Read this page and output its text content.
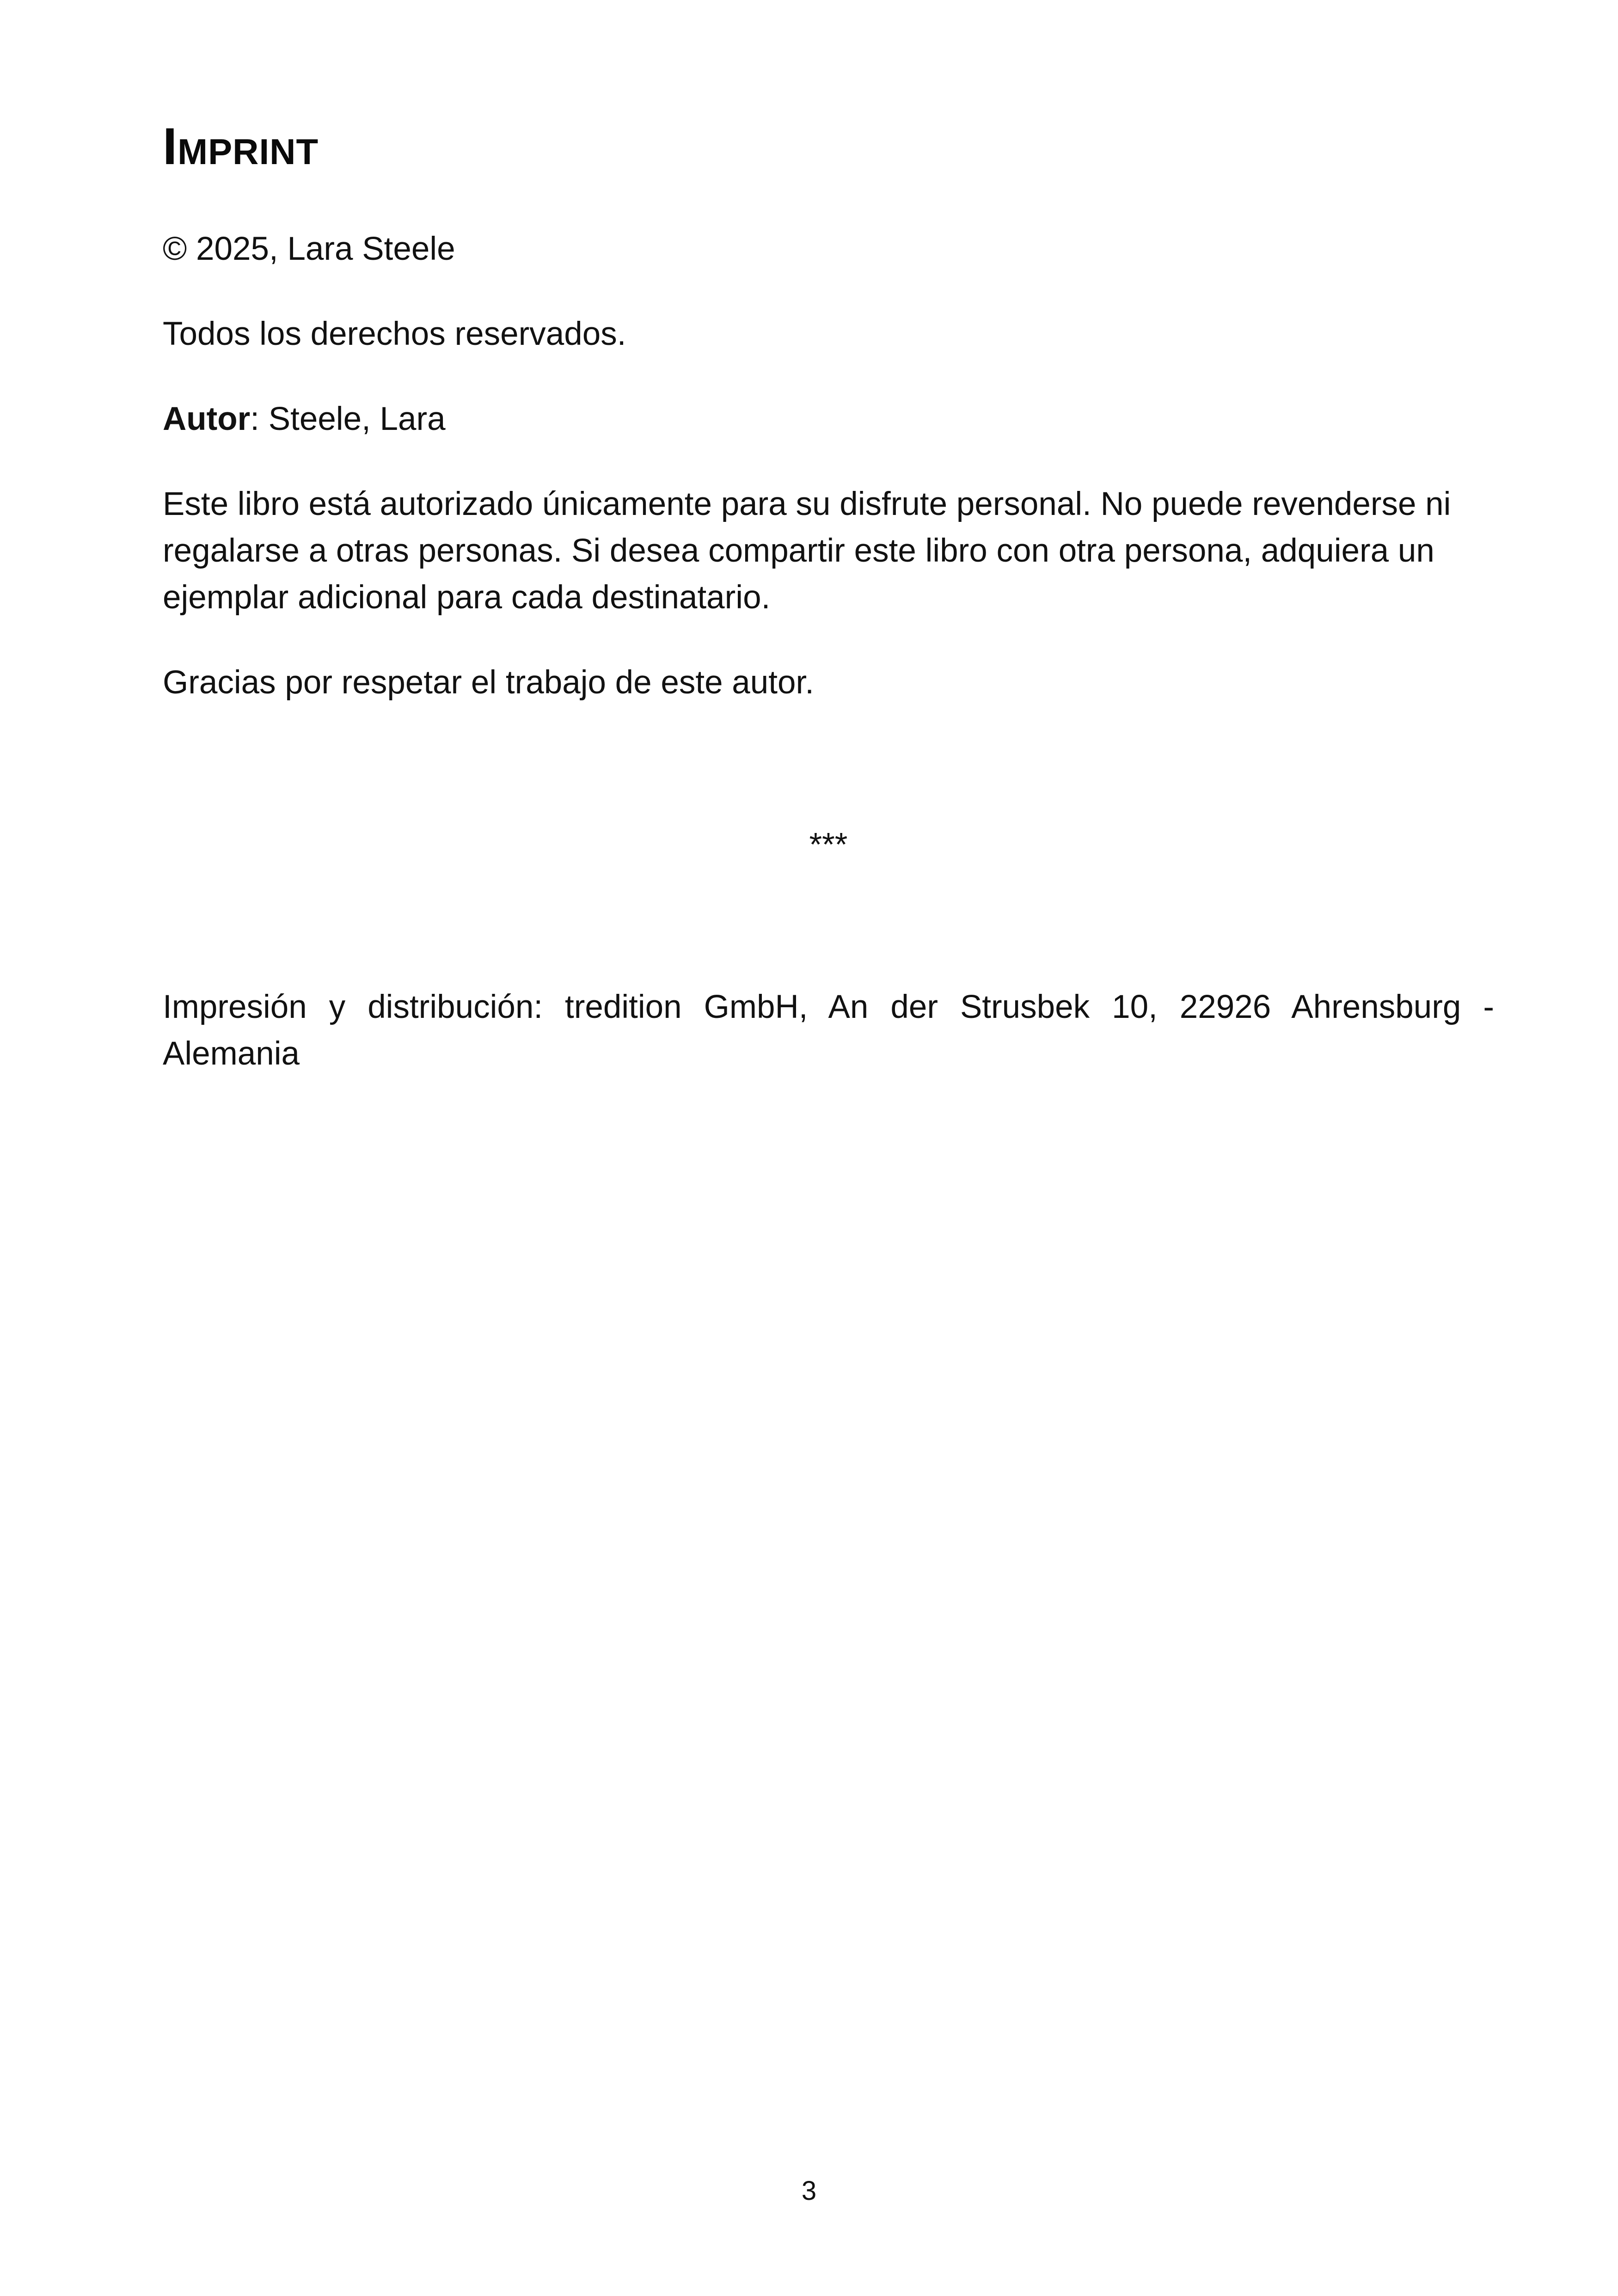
Imprint

© 2025, Lara Steele

Todos los derechos reservados.

Autor: Steele, Lara

Este libro está autorizado únicamente para su disfrute personal. No puede revenderse ni regalarse a otras personas. Si desea compartir este libro con otra persona, adquiera un ejemplar adicional para cada destinatario.

Gracias por respetar el trabajo de este autor.

***

Impresión y distribución: tredition GmbH, An der Strusbek 10, 22926 Ahrensburg - Alemania

3
